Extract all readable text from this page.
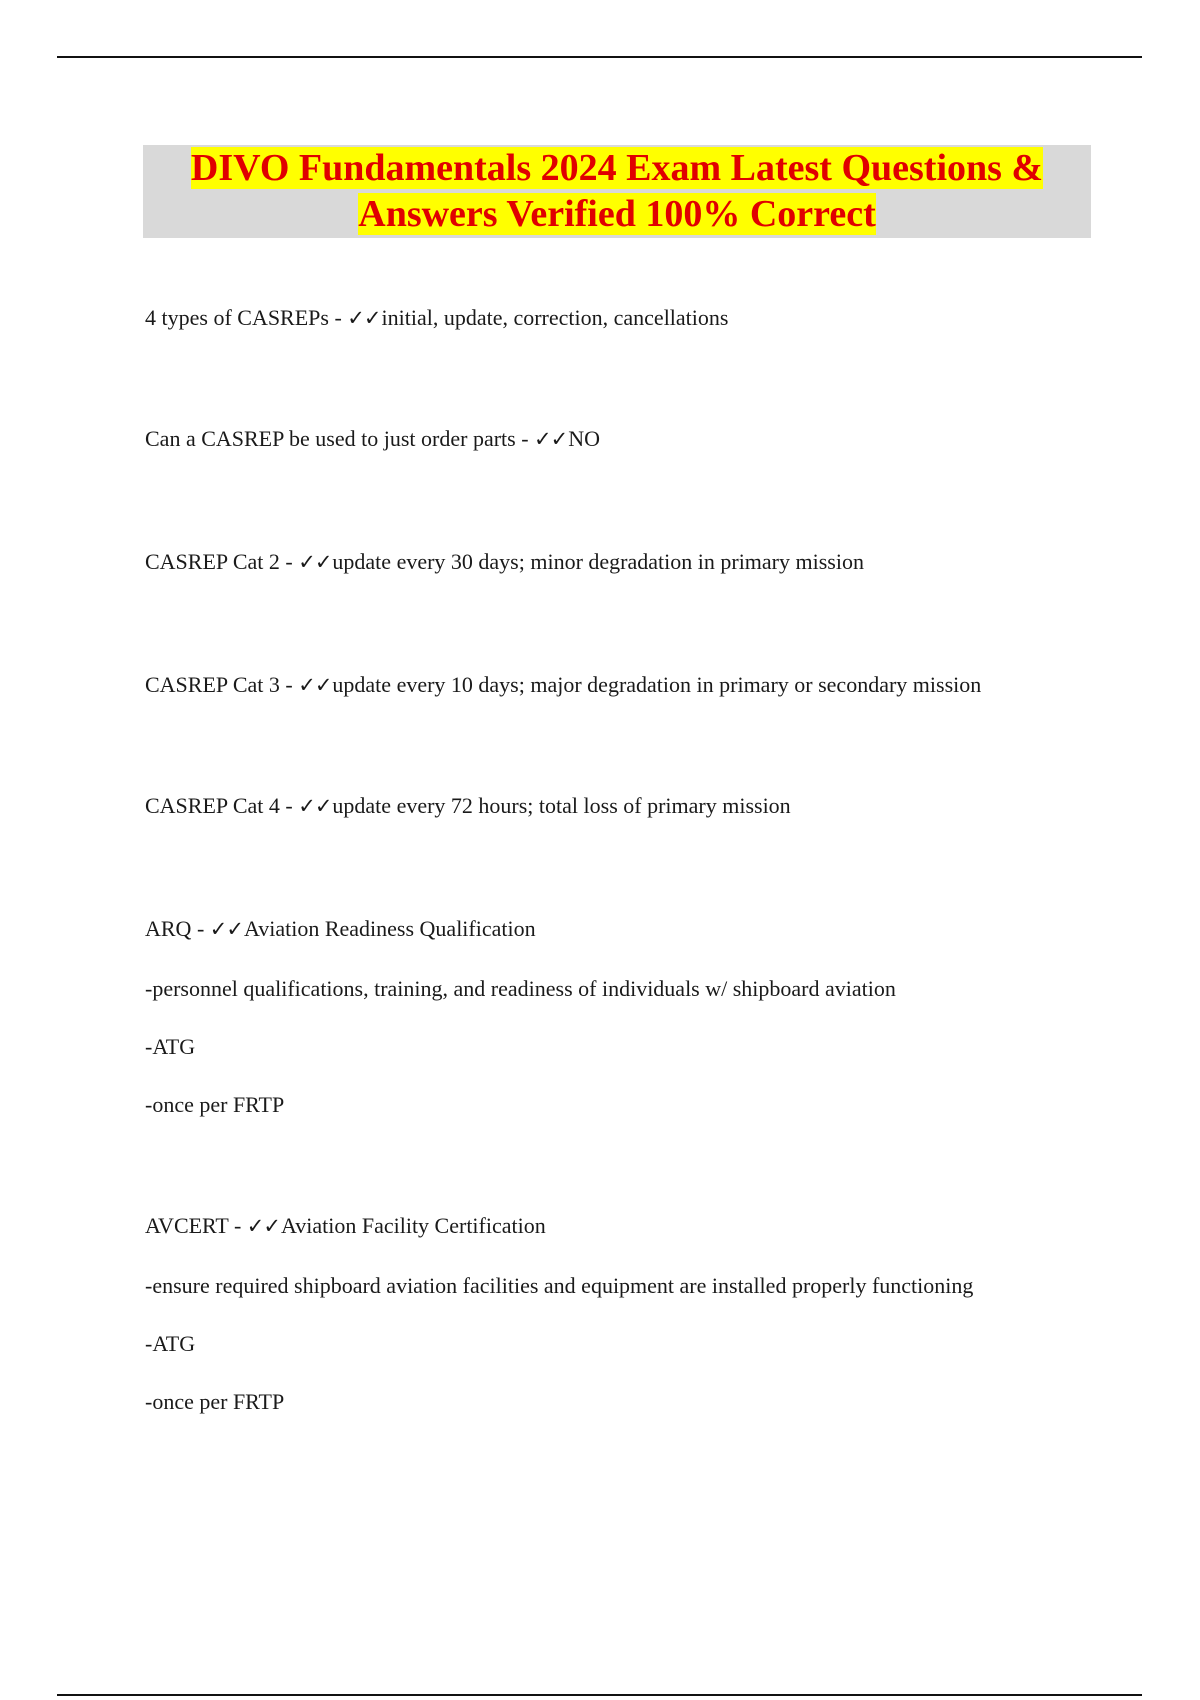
DIVO Fundamentals 2024 Exam Latest Questions &
Answers Verified 100% Correct
4 types of CASREPs - ✓✓initial, update, correction, cancellations
Can a CASREP be used to just order parts - ✓✓NO
CASREP Cat 2 - ✓✓update every 30 days; minor degradation in primary mission
CASREP Cat 3 - ✓✓update every 10 days; major degradation in primary or secondary mission
CASREP Cat 4 - ✓✓update every 72 hours; total loss of primary mission
ARQ - ✓✓Aviation Readiness Qualification
-personnel qualifications, training, and readiness of individuals w/ shipboard aviation
-ATG
-once per FRTP
AVCERT - ✓✓Aviation Facility Certification
-ensure required shipboard aviation facilities and equipment are installed properly functioning
-ATG
-once per FRTP
